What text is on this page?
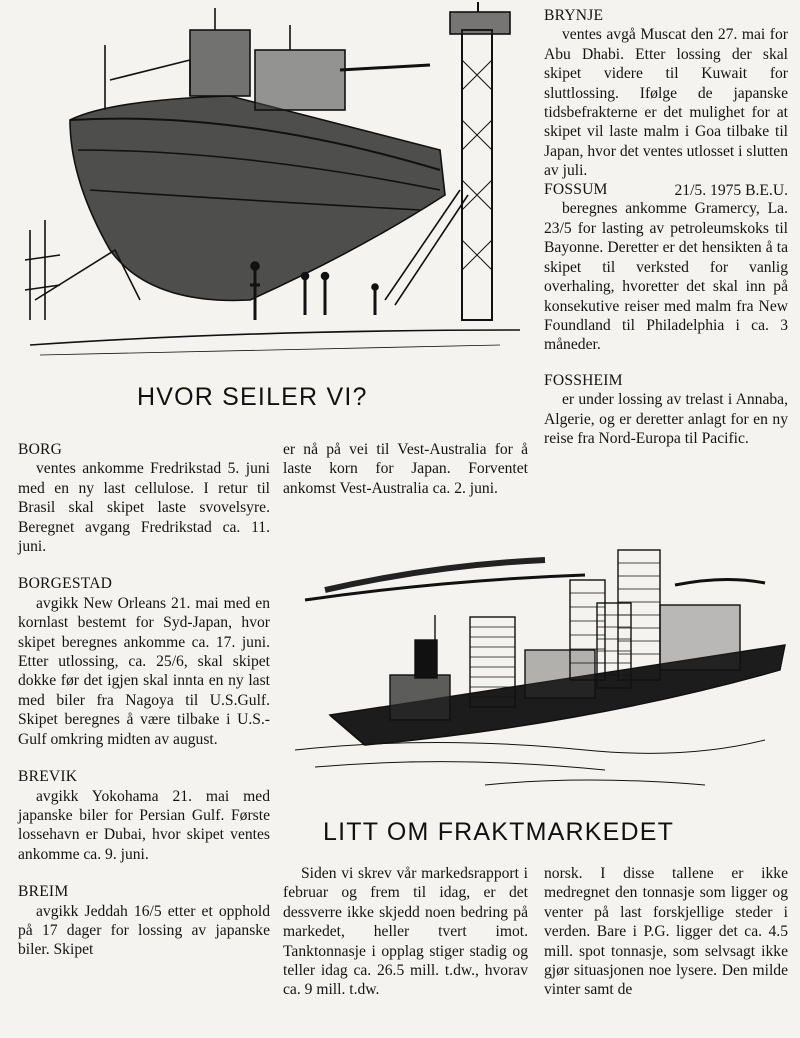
HVOR SEILER VI?
BRYNJE
ventes avgå Muscat den 27. mai for Abu Dhabi. Etter lossing der skal skipet videre til Kuwait for sluttlossing. Ifølge de japanske tidsbefrakterne er det mulighet for at skipet vil laste malm i Goa tilbake til Japan, hvor det ventes utlosset i slutten av juli.
21/5. 1975 B.E.U.
FOSSUM
beregnes ankomme Gramercy, La. 23/5 for lasting av petroleumskoks til Bayonne. Deretter er det hensikten å ta skipet til verksted for vanlig overhaling, hvoretter det skal inn på konsekutive reiser med malm fra New Foundland til Philadelphia i ca. 3 måneder.
FOSSHEIM
er under lossing av trelast i Annaba, Algerie, og er deretter anlagt for en ny reise fra Nord-Europa til Pacific.
BORG
ventes ankomme Fredrikstad 5. juni med en ny last cellulose. I retur til Brasil skal skipet laste svovelsyre. Beregnet avgang Fredrikstad ca. 11. juni.
BORGESTAD
avgikk New Orleans 21. mai med en kornlast bestemt for Syd-Japan, hvor skipet beregnes ankomme ca. 17. juni. Etter utlossing, ca. 25/6, skal skipet dokke før det igjen skal innta en ny last med biler fra Nagoya til U.S.Gulf. Skipet beregnes å være tilbake i U.S.-Gulf omkring midten av august.
BREVIK
avgikk Yokohama 21. mai med japanske biler for Persian Gulf. Første lossehavn er Dubai, hvor skipet ventes ankomme ca. 9. juni.
BREIM
avgikk Jeddah 16/5 etter et opphold på 17 dager for lossing av japanske biler. Skipet
er nå på vei til Vest-Australia for å laste korn for Japan. Forventet ankomst Vest-Australia ca. 2. juni.
LITT OM FRAKTMARKEDET
Siden vi skrev vår markedsrapport i februar og frem til idag, er det dessverre ikke skjedd noen bedring på markedet, heller tvert imot. Tanktonnasje i opplag stiger stadig og teller idag ca. 26.5 mill. t.dw., hvorav ca. 9 mill. t.dw.
norsk. I disse tallene er ikke medregnet den tonnasje som ligger og venter på last forskjellige steder i verden. Bare i P.G. ligger det ca. 4.5 mill. spot tonnasje, som selvsagt ikke gjør situasjonen noe lysere. Den milde vinter samt de
